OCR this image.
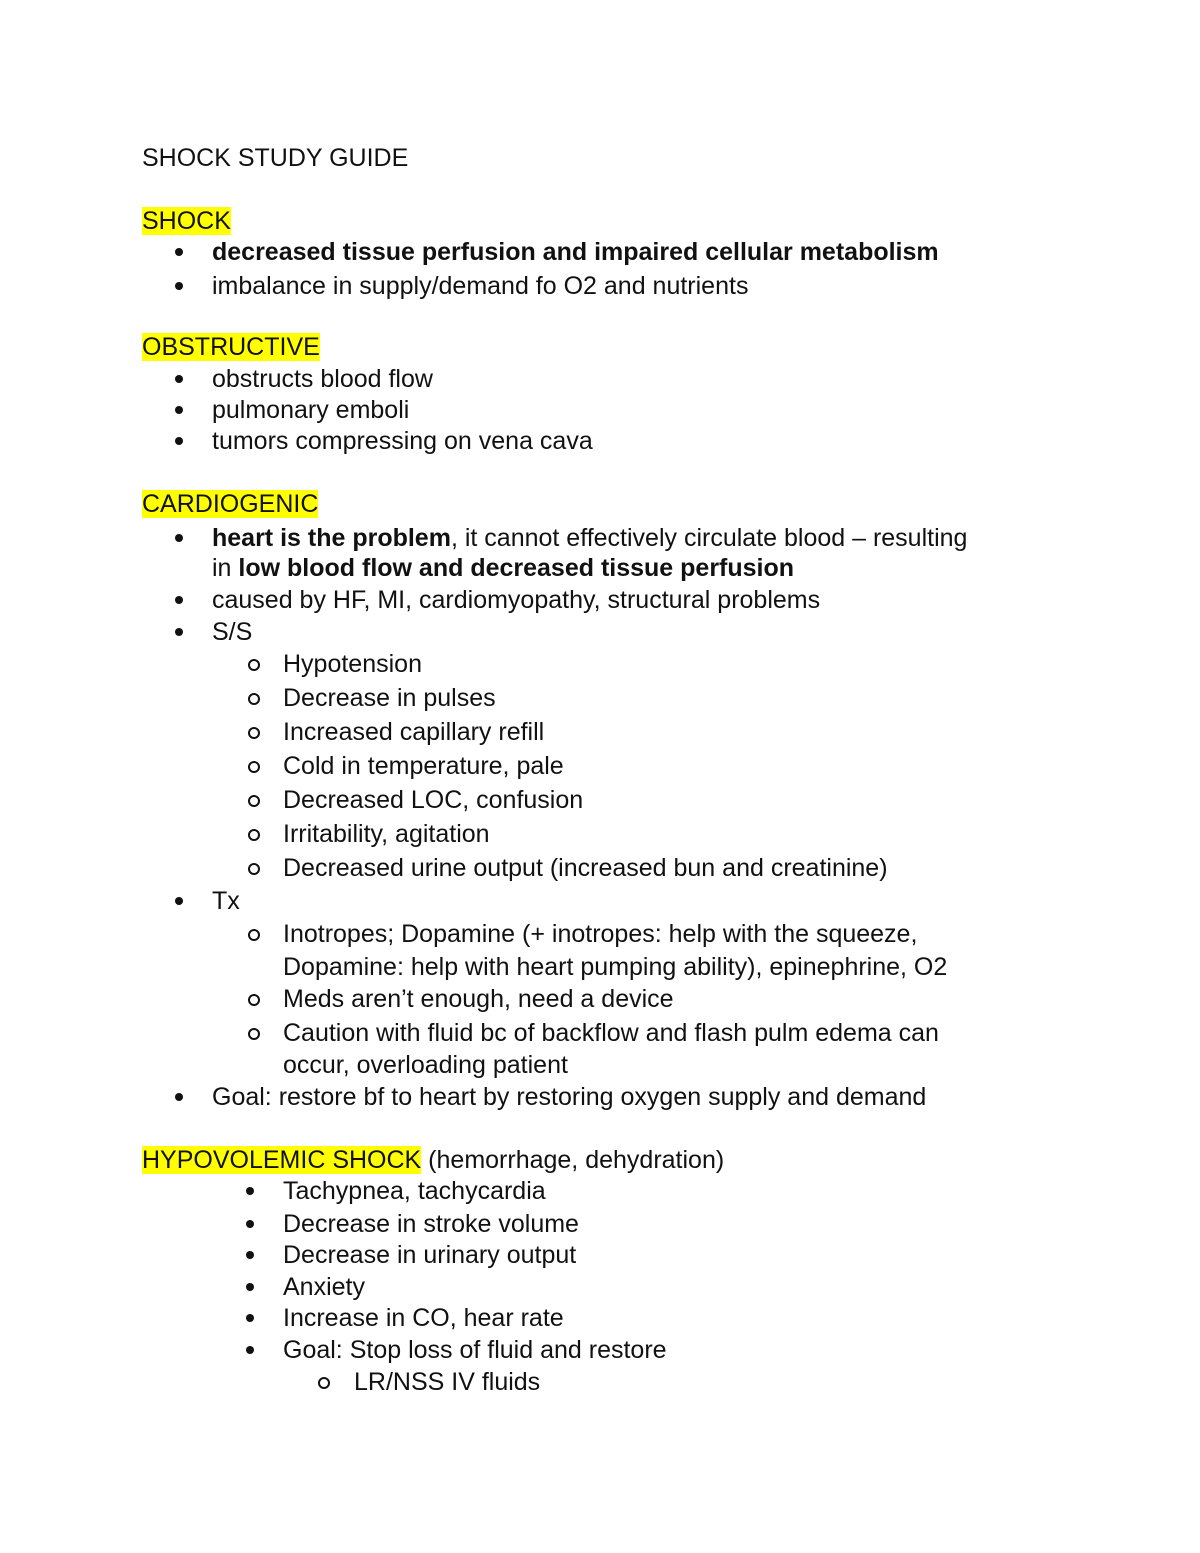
SHOCK STUDY GUIDE
SHOCK
decreased tissue perfusion and impaired cellular metabolism
imbalance in supply/demand fo O2 and nutrients
OBSTRUCTIVE
obstructs blood flow
pulmonary emboli
tumors compressing on vena cava
CARDIOGENIC
heart is the problem, it cannot effectively circulate blood – resulting
in low blood flow and decreased tissue perfusion
caused by HF, MI, cardiomyopathy, structural problems
S/S
Hypotension
Decrease in pulses
Increased capillary refill
Cold in temperature, pale
Decreased LOC, confusion
Irritability, agitation
Decreased urine output (increased bun and creatinine)
Tx
Inotropes; Dopamine (+ inotropes: help with the squeeze,
Dopamine: help with heart pumping ability), epinephrine, O2
Meds aren’t enough, need a device
Caution with fluid bc of backflow and flash pulm edema can
occur, overloading patient
Goal: restore bf to heart by restoring oxygen supply and demand
HYPOVOLEMIC SHOCK (hemorrhage, dehydration)
Tachypnea, tachycardia
Decrease in stroke volume
Decrease in urinary output
Anxiety
Increase in CO, hear rate
Goal: Stop loss of fluid and restore
LR/NSS IV fluids
